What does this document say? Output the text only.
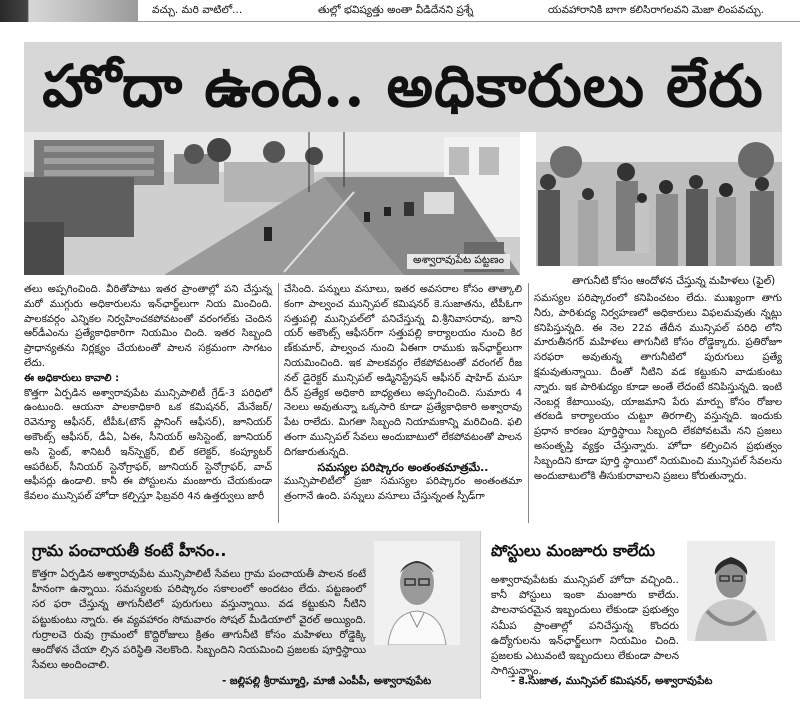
వచ్చు. మరి వాటిలో...	తుల్లో భవిష్యత్తు అంతా వీడిదేనని ప్రశ్నే	యవహారానికి బాగా కలిసిరాగలవని మెజా లింపవచ్చు.
హోదా ఉంది.. అధికారులు లేరు
అశ్వారావుపేట పట్టణం
తాగునీటి కోసం ఆందోళన చేస్తున్న మహిళలు (ఫైల్)

తలు అప్పగించింది. వీరితోపాటు ఇతర ప్రాంతాల్లో పని చేస్తున్న మరో ముగ్గురు అధికారులను ఇన్‌ఛార్జ్‌లుగా నియ మించింది. పాలకవర్గం ఎన్నికల నిర్వహించకపోవటంతో వరంగల్‌కు చెందిన ఆర్‌డీఎంను ప్రత్యేకాధికారిగా నియమిం చింది. ఇతర సిబ్బంది ప్రాధాన్యతను నిర్లక్ష్యం చేయటంతో పాలన సక్రమంగా సాగటం లేదు.

ఈ అధికారులు కావాలి :

కొత్తగా ఏర్పడిన అశ్వారావుపేట మున్సిపాలిటీ గ్రేడ్‌-3 పరిధిలో ఉంటుంది. ఆయనా పాలకాధికారి ఒక కమిషనర్‌, మేనేజర్‌/రెవెన్యూ ఆఫీసర్‌, టీపీఓ(టౌన్‌ ప్లానింగ్‌ ఆఫీసర్‌), జూనియర్‌ అకౌంట్స్‌ ఆఫీసర్‌, డీఏ, ఏఈ, సీనియర్‌ అసిస్టెంట్‌, జూనియర్‌ అసి స్టెంట్‌, శానిటరీ ఇన్‌స్పెక్టర్‌, బిల్‌ కలెక్టర్‌, కంప్యూటర్‌ ఆపరేటర్‌, సీనియర్‌ స్టెనోగ్రాఫర్‌, జూనియర్‌ స్టెనోగ్రాఫర్‌, వాచ్‌ ఆఫీసర్లు ఉండాలి. కానీ ఈ పోస్టులను మంజూరు చేయకుండా కేవలం మున్సిపల్‌ హోదా కల్పిస్తూ ఫిబ్రవరి 4న ఉత్తర్వులు జారీ

చేసింది. పన్నులు వసూలు, ఇతర అవసరాల కోసం తాత్కాలి కంగా పాల్వంచ మున్సిపల్‌ కమిషనర్‌ కె.సుజాతను, టీపీఓగా సత్తుపల్లి మున్సిపల్‌లో పనిచేస్తున్న వి.శ్రీనివాసరావు, జూని యర్‌ అకౌంట్స్‌ ఆఫీసర్‌గా సత్తుపల్లి కార్యాలయం నుంచి కిర ణ్‌కుమార్‌, పాల్వంచ నుంచి ఏఈగా రాముకు ఇన్‌ఛార్జ్‌లుగా నియమించింది. ఇక పాలకవర్గం లేకపోవటంతో వరంగల్‌ రీజ నల్‌ డైరెక్టర్‌ మున్సిపల్‌ అడ్మినిస్ట్రేషన్‌ ఆఫీసర్‌ షాహిద్‌ మసూ దీన్‌ ప్రత్యేక అధికారి బాధ్యతలు అప్పగించింది. సుమారు 4 నెలలు అవుతున్నా ఒక్కసారి కూడా ప్రత్యేకాధికారి అశ్వారావు పేట రాలేదు. మిగతా సిబ్బంది నియామకాన్ని మరిచింది. ఫలి తంగా మున్సిపల్‌ సేవలు అందుబాటులో లేకపోవటంతో పాలన దిగజారుతున్నది.

సమస్యల పరిష్కారం అంతంతమాత్రమే..

మున్సిపాలిటీలో ప్రజా సమస్యల పరిష్కారం అంతంతమా త్రంగానే ఉంది. పన్నులు వసూలు చేస్తున్నంత స్పీడ్‌గా

సమస్యల పరిష్కారంలో కనిపించటం లేదు. ముఖ్యంగా తాగు నీరు, పారిశుద్య నిర్వహణలో అధికారులు విఫలమవుతు న్నట్లు కనిపిస్తున్నది. ఈ నెల 22వ తేదీన మున్సిపల్‌ పరిధి లోని మారుతీనగర్‌ మహిళలు తాగునీటి కోసం రోడ్డెక్కారు. ప్రతిరోజూ సరఫరా అవుతున్న తాగునీటిలో పురుగులు ప్రత్యే క్షమవుతున్నాయి. దీంతో నీటిని వడ కట్టుకుని వాడుకుంటు న్నారు. ఇక పారిశుద్యం కూడా అంతే లేదంటే కనిపిస్తున్నది. ఇంటి నెంబర్ల కేటాయింపు, యాజమాని పేరు మార్పు కోసం రోజుల తరబడి కార్యాలయం చుట్టూ తిరగాల్సి వస్తున్నది. ఇందుకు ప్రధాన కారణం పూర్తిస్థాయి సిబ్బంది లేకపోవటమే నని ప్రజలు అసంతృప్తి వ్యక్తం చేస్తున్నారు. హోదా కల్పించిన ప్రభుత్వం సిబ్బందిని కూడా పూర్తి స్థాయిలో నియమించి మున్సిపల్‌ సేవలను అందుబాటులోకి తీసుకురావాలని ప్రజలు కోరుతున్నారు.

గ్రామ పంచాయతీ కంటే హీనం..
కొత్తగా ఏర్పడిన అశ్వారావుపేట మున్సిపాలిటీ సేవలు గ్రామ పంచాయతీ పాలన కంటే హీనంగా ఉన్నాయి. సమస్యలకు పరిష్కారం సకాలంలో అందటం లేదు. పట్టణంలో సర ఫరా చేస్తున్న తాగునీటిలో పురుగులు వస్తున్నాయి. వడ కట్టుకుని నీటిని పట్టుకుంటు న్నారు. ఈ వ్యవహారం సోమవారం సోషల్‌ మీడియాలో వైరల్‌ అయ్యింది. గుర్రాలచె రువు గ్రామంలో కొద్దిరోజులు క్రితం తాగునీటి కోసం మహిళలు రోడ్డెక్కి ఆందోళన చేయా ల్సిన పరిస్థితి నెలకొంది. సిబ్బందిని నియమించి ప్రజలకు పూర్తిస్థాయి సేవలు అందించాలి.
- జల్లిపల్లి శ్రీరామ్మూర్తి, మాజీ ఎంపీపీ, అశ్వారావుపేట
పోస్టులు మంజూరు కాలేదు
అశ్వారావుపేటకు మున్సిపల్‌ హోదా వచ్చింది.. కానీ పోస్టులు ఇంకా మంజూరు కాలేదు. పాలనాపరమైన ఇబ్బందులు లేకుండా ప్రభుత్వం సమీప ప్రాంతాల్లో పనిచేస్తున్న కొందరు ఉద్యోగులను ఇన్‌ఛార్జ్‌లుగా నియమిం చింది. ప్రజలకు ఎటువంటి ఇబ్బందులు లేకుండా పాలన సాగిస్తున్నాం.
- కె.సుజాత, మున్సిపల్‌ కమిషనర్‌, అశ్వారావుపేట
